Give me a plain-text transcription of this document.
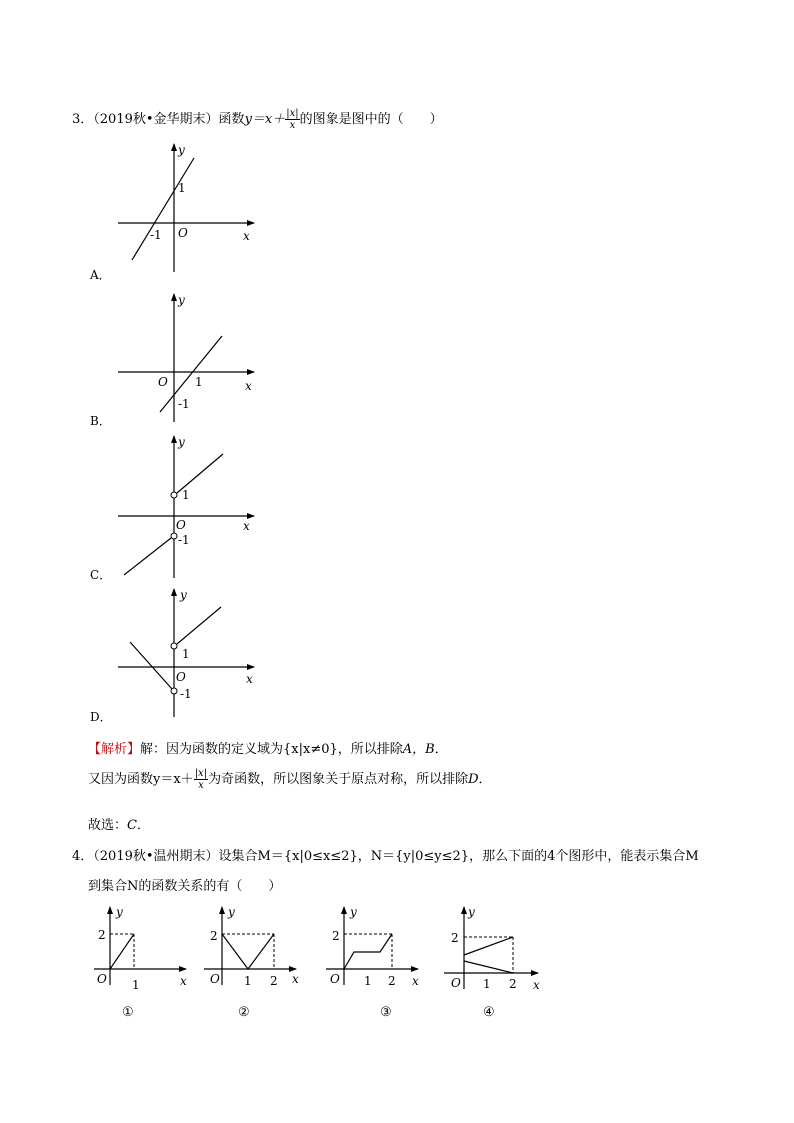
3．（2019秋•金华期末）函数$y=x+ \frac{|x|}{x}$ 的图象是图中的（　　）
y
x
O
1
-1
A．
y
x
O 1
-1
B．
y
x
O
1
-1
C．
y
x
O
1
-1
D．
【解析】解：因为函数的定义域为{x|x≠0}，所以排除A，B．
又因为函数$y=x+ \frac{|x|}{x}$ 为奇函数，所以图象关于原点对称，所以排除D．
故选：C．
4．（2019秋•温州期末）设集合M＝{x|0≤x≤2}，N＝{y|0≤y≤2}，那么下面的4个图形中，能表示集合M
到集合N的函数关系的有（　　）
y
x
O
2
1
①
y
x
O
2
1 2
②
y
x
O
2
1 2
③
y
x
O
2
1 2
④
